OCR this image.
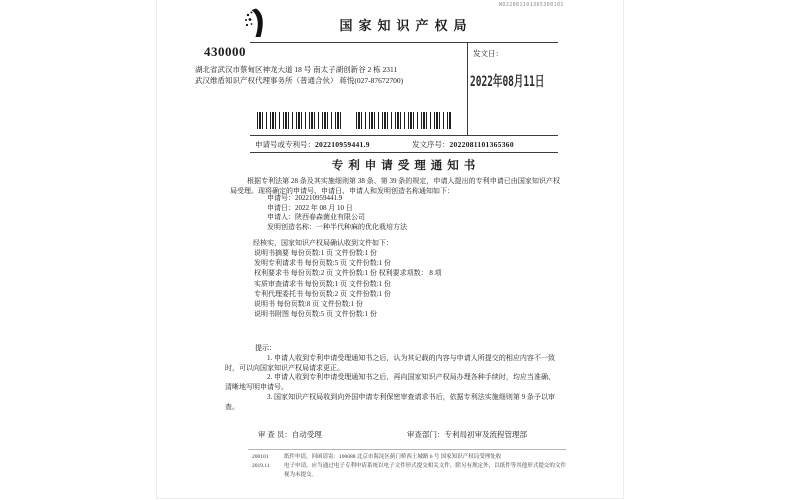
WD22081101365360101
国家知识产权局
430000
湖北省武汉市蔡甸区神龙大道 18 号 南太子湖创新谷 2 栋 2311
武汉维盾知识产权代理事务所（普通合伙） 蒋悦(027-87672700)
发文日：
2022年08月11日
申请号或专利号：202210959441.9	发文序号：2022081101365360
专利申请受理通知书
根据专利法第 28 条及其实施细则第 38 条、第 39 条的规定，申请人提出的专利申请已由国家知识产权局受理。现将确定的申请号、申请日、申请人和发明创造名称通知如下：
申请号：202210959441.9
申请日：2022 年 08 月 10 日
申请人：陕西春森菌业有限公司
发明创造名称：一种半代种麻的优化栽培方法
经核实，国家知识产权局确认收到文件如下：
说明书摘要 每份页数:1 页 文件份数:1 份
发明专利请求书 每份页数:5 页 文件份数:1 份
权利要求书 每份页数:2 页 文件份数:1 份 权利要求项数： 8 项
实质审查请求书 每份页数:1 页 文件份数:1 份
专利代理委托书 每份页数:2 页 文件份数:1 份
说明书 每份页数:8 页 文件份数:1 份
说明书附图 每份页数:5 页 文件份数:1 份
提示：
1. 申请人收到专利申请受理通知书之后，认为其记载的内容与申请人所提交的相应内容不一致时，可以向国家知识产权局请求更正。
2. 申请人收到专利申请受理通知书之后，再向国家知识产权局办理各种手续时，均应当准确、清晰地写明申请号。
3. 国家知识产权局收到向外国申请专利保密审查请求书后，依据专利法实施细则第 9 条予以审查。
审 查 员：自动受理	审查部门：专利局初审及流程管理部
200101	纸件申请，回函请寄：100088 北京市海淀区蓟门桥西土城路 6 号 国家知识产权局受理处收
2019.11	电子申请，应当通过电子专利申请系统以电子文件形式提交相关文件，除另有规定外，以纸件等其他形式提交的文件视为未提交。
